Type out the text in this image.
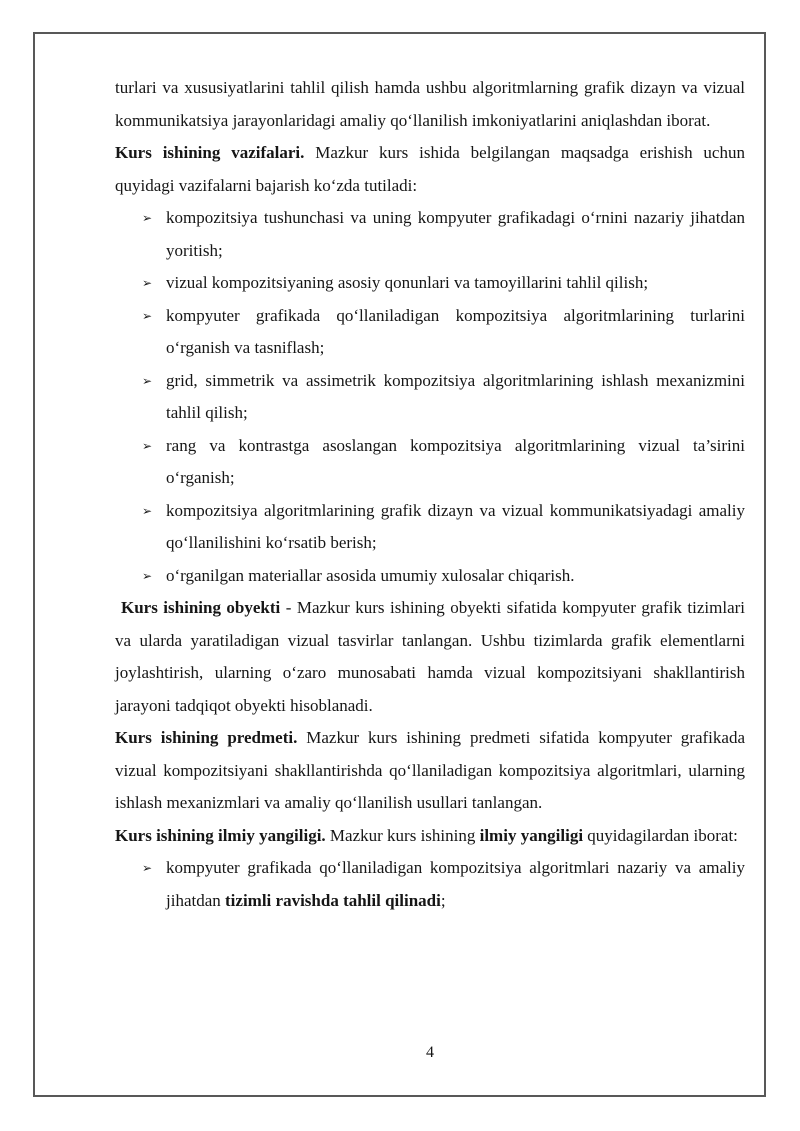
turlari va xususiyatlarini tahlil qilish hamda ushbu algoritmlarning grafik dizayn va vizual kommunikatsiya jarayonlaridagi amaliy qo‘llanilish imkoniyatlarini aniqlashdan iborat.

Kurs ishining vazifalari. Mazkur kurs ishida belgilangan maqsadga erishish uchun quyidagi vazifalarni bajarish ko‘zda tutiladi:

➢ kompozitsiya tushunchasi va uning kompyuter grafikadagi o‘rnini nazariy jihatdan yoritish;
➢ vizual kompozitsiyaning asosiy qonunlari va tamoyillarini tahlil qilish;
➢ kompyuter grafikada qo‘llaniladigan kompozitsiya algoritmlarining turlarini o‘rganish va tasniflash;
➢ grid, simmetrik va assimetrik kompozitsiya algoritmlarining ishlash mexanizmini tahlil qilish;
➢ rang va kontrastga asoslangan kompozitsiya algoritmlarining vizual ta’sirini o‘rganish;
➢ kompozitsiya algoritmlarining grafik dizayn va vizual kommunikatsiyadagi amaliy qo‘llanilishini ko‘rsatib berish;
➢ o‘rganilgan materiallar asosida umumiy xulosalar chiqarish.

Kurs ishining obyekti - Mazkur kurs ishining obyekti sifatida kompyuter grafik tizimlari va ularda yaratiladigan vizual tasvirlar tanlangan. Ushbu tizimlarda grafik elementlarni joylashtirish, ularning o‘zaro munosabati hamda vizual kompozitsiyani shakllantirish jarayoni tadqiqot obyekti hisoblanadi.

Kurs ishining predmeti. Mazkur kurs ishining predmeti sifatida kompyuter grafikada vizual kompozitsiyani shakllantirishda qo‘llaniladigan kompozitsiya algoritmlari, ularning ishlash mexanizmlari va amaliy qo‘llanilish usullari tanlangan.

Kurs ishining ilmiy yangiligi. Mazkur kurs ishining ilmiy yangiligi quyidagilardan iborat:

➢ kompyuter grafikada qo‘llaniladigan kompozitsiya algoritmlari nazariy va amaliy jihatdan tizimli ravishda tahlil qilinadi;
4
